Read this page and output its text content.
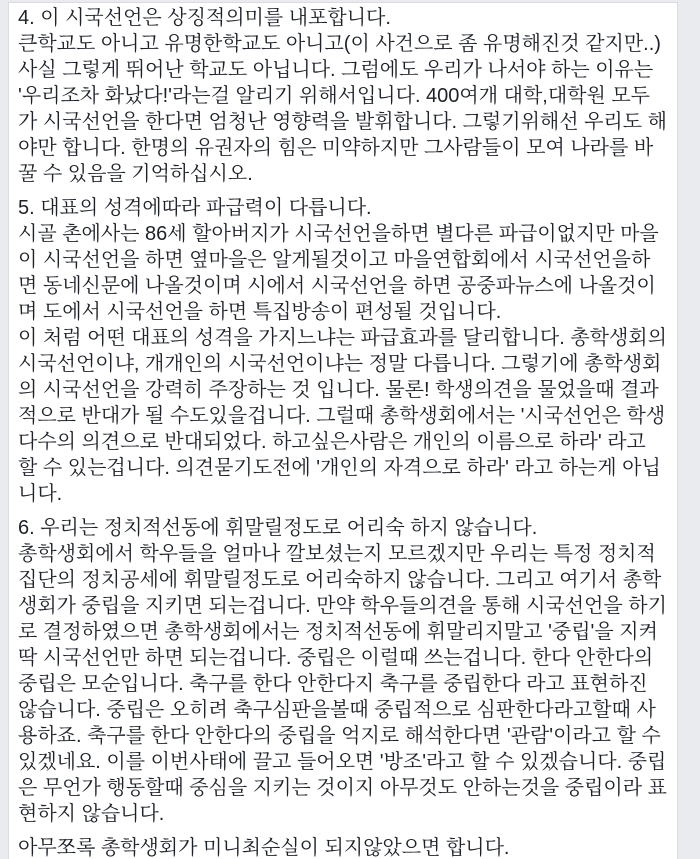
4. 이 시국선언은 상징적의미를 내포합니다.
큰학교도 아니고 유명한학교도 아니고(이 사건으로 좀 유명해진것 같지만..)
사실 그렇게 뛰어난 학교도 아닙니다. 그럼에도 우리가 나서야 하는 이유는
'우리조차 화났다!'라는걸 알리기 위해서입니다. 400여개 대학,대학원 모두
가 시국선언을 한다면 엄청난 영향력을 발휘합니다. 그렇기위해선 우리도 해
야만 합니다. 한명의 유권자의 힘은 미약하지만 그사람들이 모여 나라를 바
꿀 수 있음을 기억하십시오.
5. 대표의 성격에따라 파급력이 다릅니다.
시골 촌에사는 86세 할아버지가 시국선언을하면 별다른 파급이없지만 마을
이 시국선언을 하면 옆마을은 알게될것이고 마을연합회에서 시국선언을하
면 동네신문에 나올것이며 시에서 시국선언을 하면 공중파뉴스에 나올것이
며 도에서 시국선언을 하면 특집방송이 편성될 것입니다.
이 처럼 어떤 대표의 성격을 가지느냐는 파급효과를 달리합니다. 총학생회의
시국선언이냐, 개개인의 시국선언이냐는 정말 다릅니다. 그렇기에 총학생회
의 시국선언을 강력히 주장하는 것 입니다. 물론! 학생의견을 물었을때 결과
적으로 반대가 될 수도있을겁니다. 그럴때 총학생회에서는 '시국선언은 학생
다수의 의견으로 반대되었다. 하고싶은사람은 개인의 이름으로 하라' 라고
할 수 있는겁니다. 의견묻기도전에 '개인의 자격으로 하라' 라고 하는게 아닙
니다.
6. 우리는 정치적선동에 휘말릴정도로 어리숙 하지 않습니다.
총학생회에서 학우들을 얼마나 깔보셨는지 모르겠지만 우리는 특정 정치적
집단의 정치공세에 휘말릴정도로 어리숙하지 않습니다. 그리고 여기서 총학
생회가 중립을 지키면 되는겁니다. 만약 학우들의견을 통해 시국선언을 하기
로 결정하였으면 총학생회에서는 정치적선동에 휘말리지말고 '중립'을 지켜
딱 시국선언만 하면 되는겁니다. 중립은 이럴때 쓰는겁니다. 한다 안한다의
중립은 모순입니다. 축구를 한다 안한다지 축구를 중립한다 라고 표현하진
않습니다. 중립은 오히려 축구심판을볼때 중립적으로 심판한다라고할때 사
용하죠. 축구를 한다 안한다의 중립을 억지로 해석한다면 '관람'이라고 할 수
있겠네요. 이를 이번사태에 끌고 들어오면 '방조'라고 할 수 있겠습니다. 중립
은 무언가 행동할때 중심을 지키는 것이지 아무것도 안하는것을 중립이라 표
현하지 않습니다.
아무쪼록 총학생회가 미니최순실이 되지않았으면 합니다.
